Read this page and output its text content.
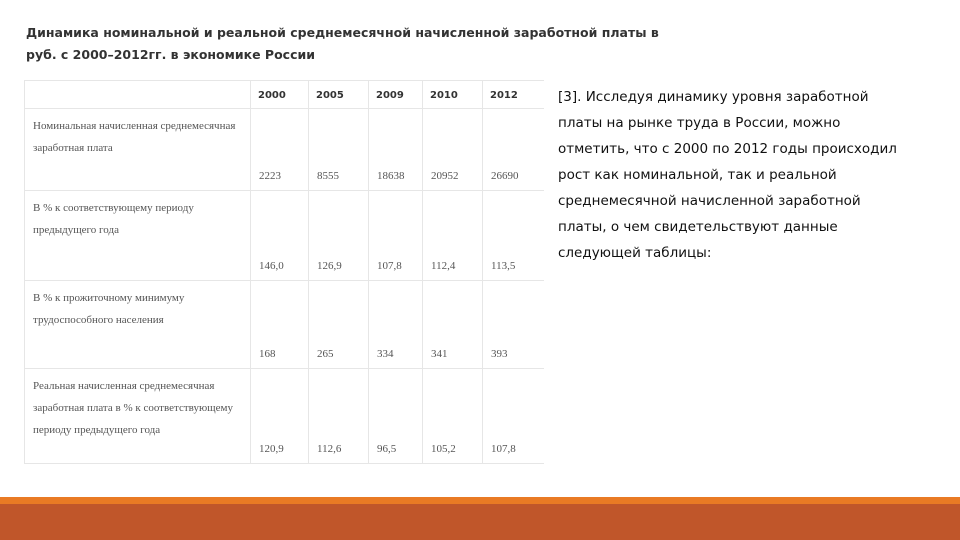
Динамика номинальной и реальной среднемесячной начисленной заработной платы в руб. с 2000–2012гг. в экономике России
	2000	2005	2009	2010	2012

Номинальная начисленная среднемесячная заработная плата	2223	8555	18638	20952	26690

В % к соответствующему периоду предыдущего года	146,0	126,9	107,8	112,4	113,5

В % к прожиточному минимуму трудоспособного населения	168	265	334	341	393

Реальная начисленная среднемесячная заработная плата в % к соответствующему периоду предыдущего года	120,9	112,6	96,5	105,2	107,8
[3]. Исследуя динамику уровня заработной платы на рынке труда в России, можно отметить, что с 2000 по 2012 годы происходил рост как номинальной, так и реальной среднемесячной начисленной заработной платы, о чем свидетельствуют данные следующей таблицы:
